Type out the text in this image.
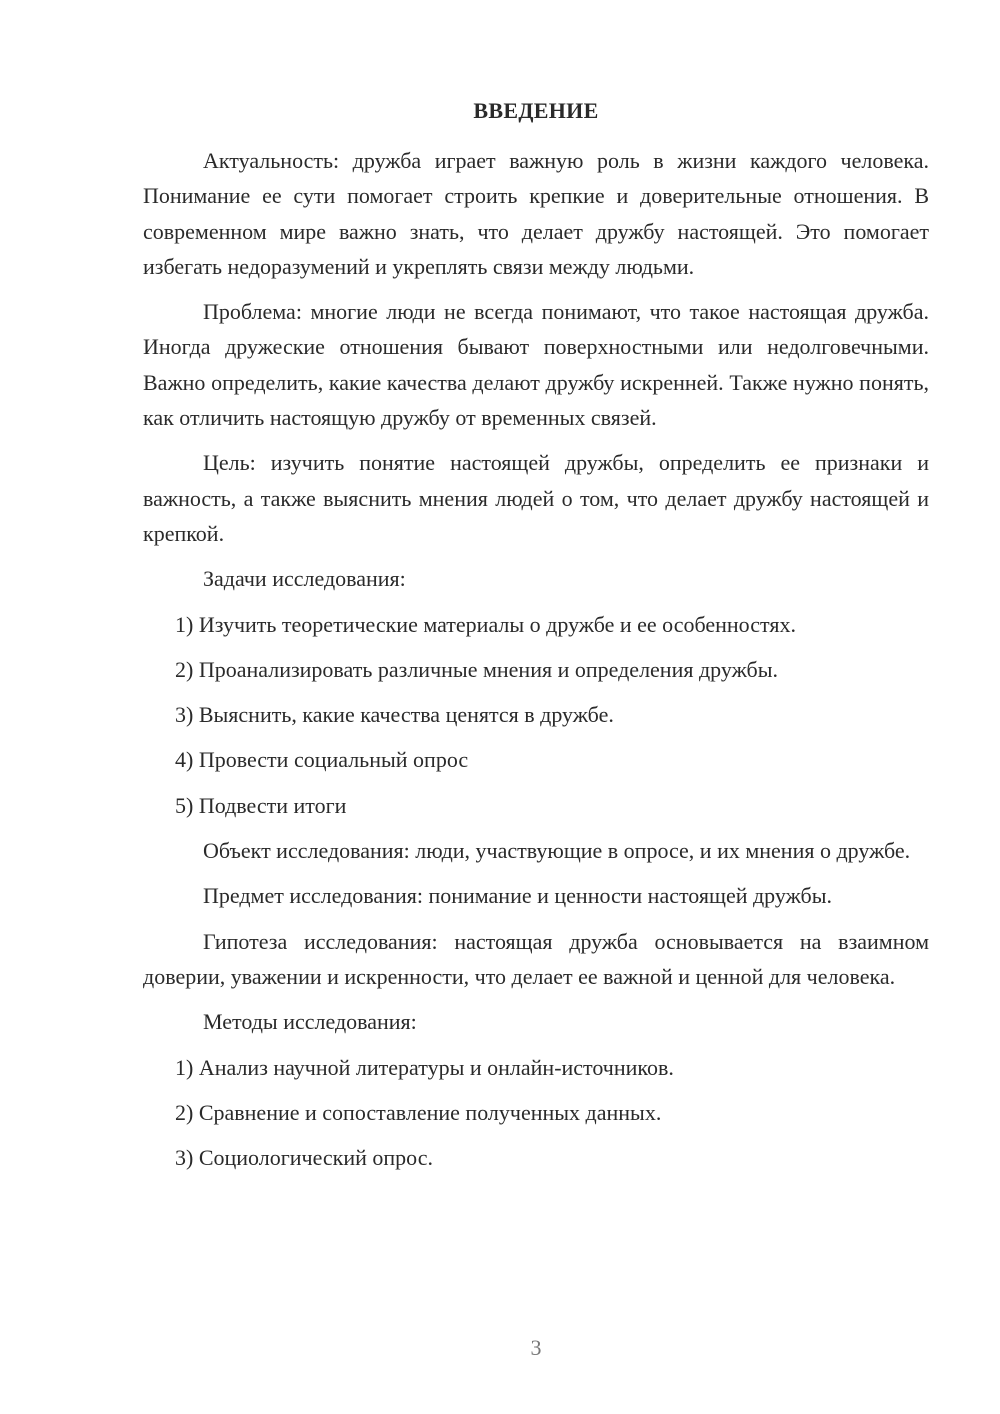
ВВЕДЕНИЕ

Актуальность: дружба играет важную роль в жизни каждого человека. Понимание ее сути помогает строить крепкие и доверительные отношения. В современном мире важно знать, что делает дружбу настоящей. Это помогает избегать недоразумений и укреплять связи между людьми.

Проблема: многие люди не всегда понимают, что такое настоящая дружба. Иногда дружеские отношения бывают поверхностными или недолговечными. Важно определить, какие качества делают дружбу искренней. Также нужно понять, как отличить настоящую дружбу от временных связей.

Цель: изучить понятие настоящей дружбы, определить ее признаки и важность, а также выяснить мнения людей о том, что делает дружбу настоящей и крепкой.

Задачи исследования:

1) Изучить теоретические материалы о дружбе и ее особенностях.
2) Проанализировать различные мнения и определения дружбы.
3) Выяснить, какие качества ценятся в дружбе.
4) Провести социальный опрос
5) Подвести итоги

Объект исследования: люди, участвующие в опросе, и их мнения о дружбе.

Предмет исследования: понимание и ценности настоящей дружбы.

Гипотеза исследования: настоящая дружба основывается на взаимном доверии, уважении и искренности, что делает ее важной и ценной для человека.

Методы исследования:

1) Анализ научной литературы и онлайн-источников.
2) Сравнение и сопоставление полученных данных.
3) Социологический опрос.
3
